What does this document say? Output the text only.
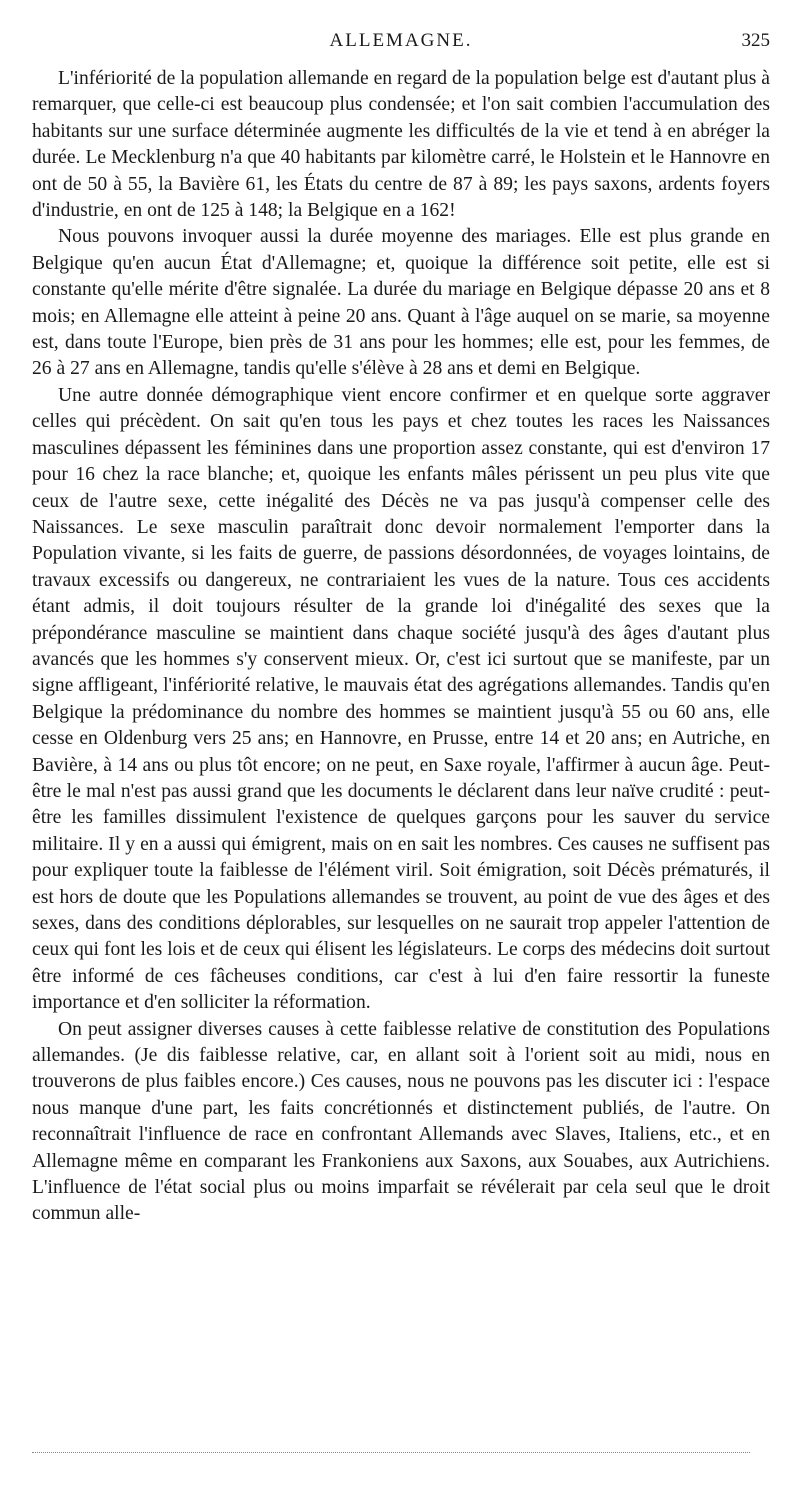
ALLEMAGNE.	325

L'infériorité de la population allemande en regard de la population belge est d'autant plus à remarquer, que celle-ci est beaucoup plus condensée; et l'on sait combien l'accumulation des habitants sur une surface déterminée augmente les difficultés de la vie et tend à en abréger la durée. Le Mecklenburg n'a que 40 habitants par kilomètre carré, le Holstein et le Hannovre en ont de 50 à 55, la Bavière 61, les États du centre de 87 à 89; les pays saxons, ardents foyers d'industrie, en ont de 125 à 148; la Belgique en a 162!

Nous pouvons invoquer aussi la durée moyenne des mariages. Elle est plus grande en Belgique qu'en aucun État d'Allemagne; et, quoique la différence soit petite, elle est si constante qu'elle mérite d'être signalée. La durée du mariage en Belgique dépasse 20 ans et 8 mois; en Allemagne elle atteint à peine 20 ans. Quant à l'âge auquel on se marie, sa moyenne est, dans toute l'Europe, bien près de 31 ans pour les hommes; elle est, pour les femmes, de 26 à 27 ans en Allemagne, tandis qu'elle s'élève à 28 ans et demi en Belgique.

Une autre donnée démographique vient encore confirmer et en quelque sorte aggraver celles qui précèdent. On sait qu'en tous les pays et chez toutes les races les Naissances masculines dépassent les féminines dans une proportion assez constante, qui est d'environ 17 pour 16 chez la race blanche; et, quoique les enfants mâles périssent un peu plus vite que ceux de l'autre sexe, cette inégalité des Décès ne va pas jusqu'à compenser celle des Naissances. Le sexe masculin paraîtrait donc devoir normalement l'emporter dans la Population vivante, si les faits de guerre, de passions désordonnées, de voyages lointains, de travaux excessifs ou dangereux, ne contrariaient les vues de la nature. Tous ces accidents étant admis, il doit toujours résulter de la grande loi d'inégalité des sexes que la prépondérance masculine se maintient dans chaque société jusqu'à des âges d'autant plus avancés que les hommes s'y conservent mieux. Or, c'est ici surtout que se manifeste, par un signe affligeant, l'infériorité relative, le mauvais état des agrégations allemandes. Tandis qu'en Belgique la prédominance du nombre des hommes se maintient jusqu'à 55 ou 60 ans, elle cesse en Oldenburg vers 25 ans; en Hannovre, en Prusse, entre 14 et 20 ans; en Autriche, en Bavière, à 14 ans ou plus tôt encore; on ne peut, en Saxe royale, l'affirmer à aucun âge. Peut-être le mal n'est pas aussi grand que les documents le déclarent dans leur naïve crudité : peut-être les familles dissimulent l'existence de quelques garçons pour les sauver du service militaire. Il y en a aussi qui émigrent, mais on en sait les nombres. Ces causes ne suffisent pas pour expliquer toute la faiblesse de l'élément viril. Soit émigration, soit Décès prématurés, il est hors de doute que les Populations allemandes se trouvent, au point de vue des âges et des sexes, dans des conditions déplorables, sur lesquelles on ne saurait trop appeler l'attention de ceux qui font les lois et de ceux qui élisent les législateurs. Le corps des médecins doit surtout être informé de ces fâcheuses conditions, car c'est à lui d'en faire ressortir la funeste importance et d'en solliciter la réformation.

On peut assigner diverses causes à cette faiblesse relative de constitution des Populations allemandes. (Je dis faiblesse relative, car, en allant soit à l'orient soit au midi, nous en trouverons de plus faibles encore.) Ces causes, nous ne pouvons pas les discuter ici : l'espace nous manque d'une part, les faits concrétionnés et distinctement publiés, de l'autre. On reconnaîtrait l'influence de race en confrontant Allemands avec Slaves, Italiens, etc., et en Allemagne même en comparant les Frankoniens aux Saxons, aux Souabes, aux Autrichiens. L'influence de l'état social plus ou moins imparfait se révélerait par cela seul que le droit commun alle-
